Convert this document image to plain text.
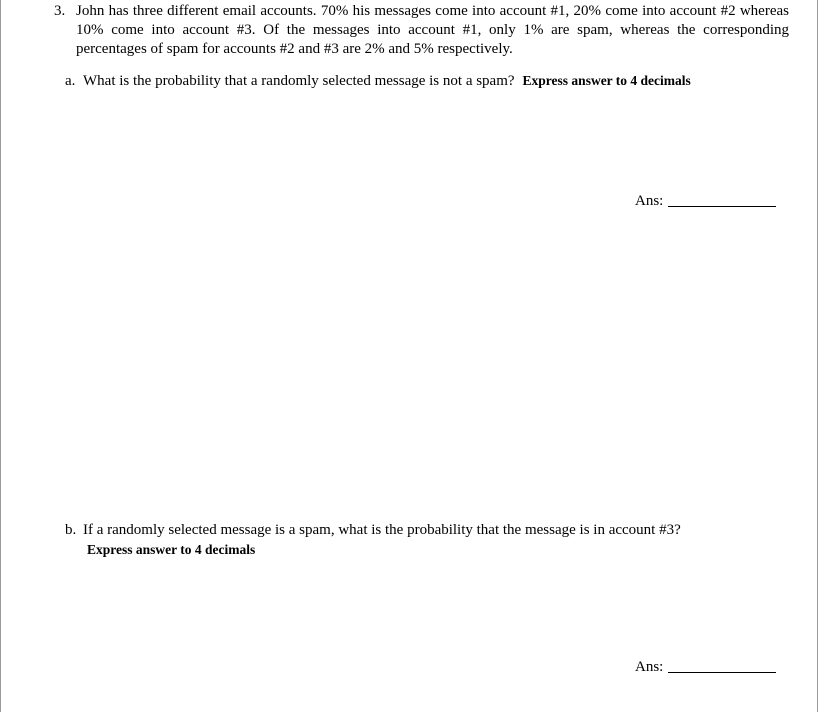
3. John has three different email accounts. 70% his messages come into account #1, 20% come into account #2 whereas 10% come into account #3. Of the messages into account #1, only 1% are spam, whereas the corresponding percentages of spam for accounts #2 and #3 are 2% and 5% respectively.
a. What is the probability that a randomly selected message is not a spam? Express answer to 4 decimals
Ans:
b. If a randomly selected message is a spam, what is the probability that the message is in account #3?
Express answer to 4 decimals
Ans:
